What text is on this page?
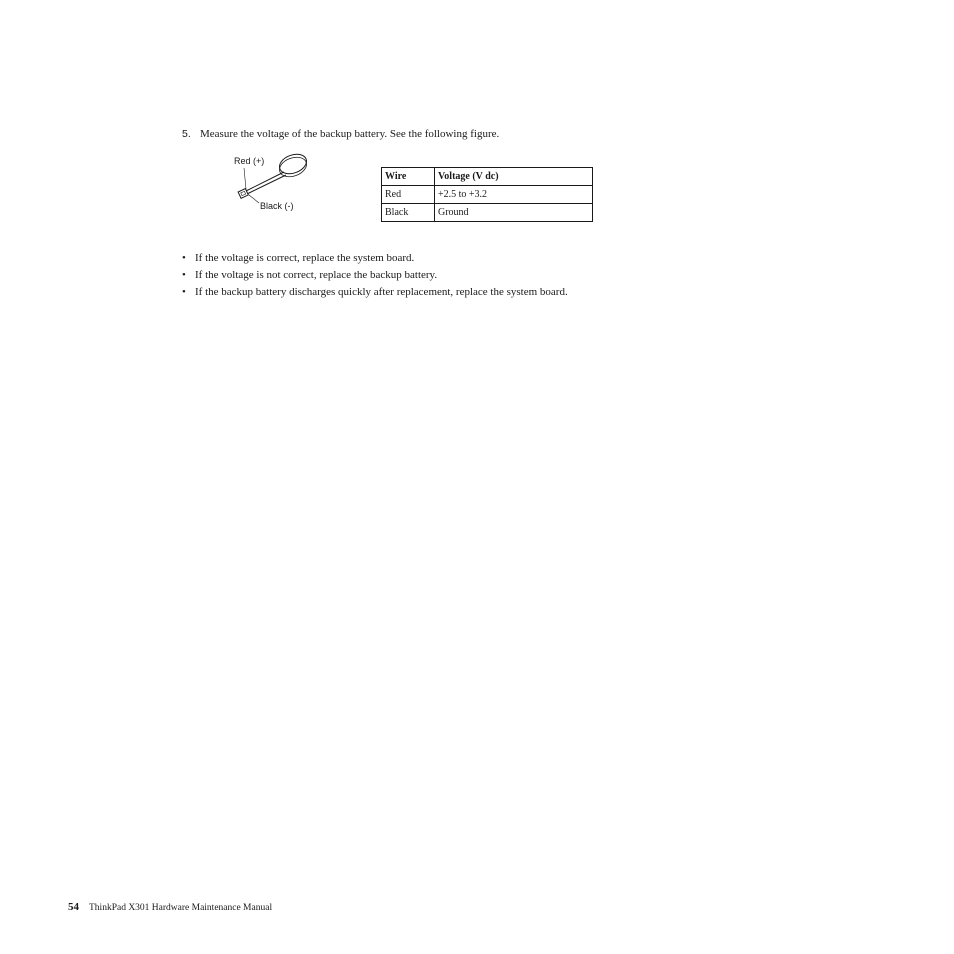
5. Measure the voltage of the backup battery. See the following figure.
Red (+)
Black (-)
Wire	Voltage (V dc)
Red	+2.5 to +3.2
Black	Ground
• If the voltage is correct, replace the system board.
• If the voltage is not correct, replace the backup battery.
• If the backup battery discharges quickly after replacement, replace the system board.
54 ThinkPad X301 Hardware Maintenance Manual
